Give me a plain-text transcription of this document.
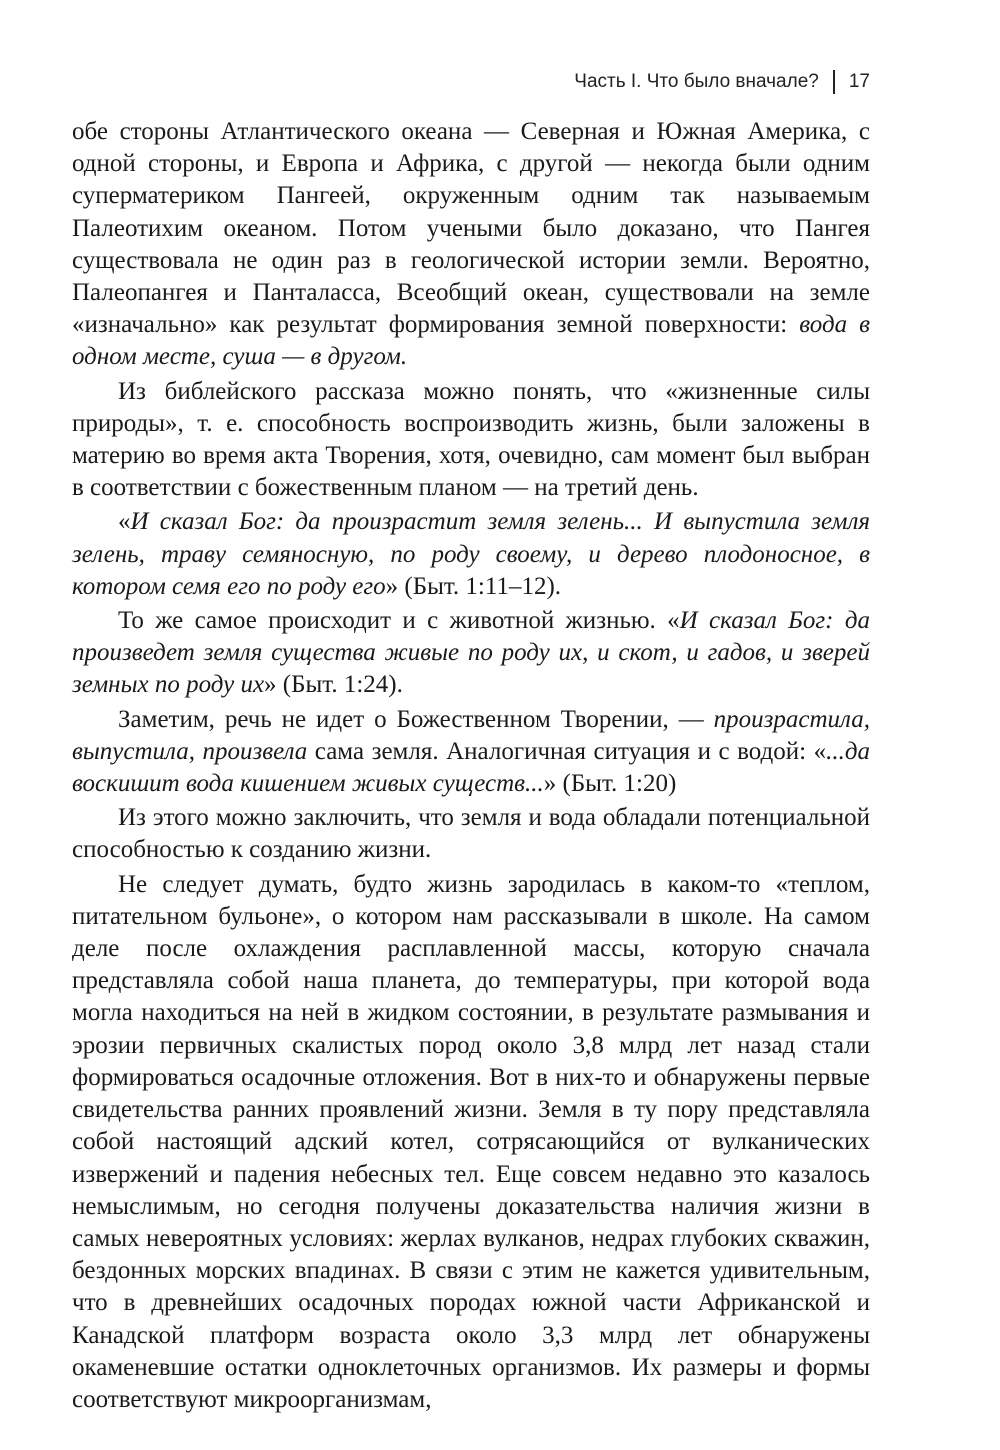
Часть I. Что было вначале? 17

обе стороны Атлантического океана — Северная и Южная Америка, с одной стороны, и Европа и Африка, с другой — некогда были одним суперматериком Пангеей, окруженным одним так называемым Палеотихим океаном. Потом учеными было доказано, что Пангея существовала не один раз в геологической истории земли. Вероятно, Палеопангея и Панталасса, Всеобщий океан, существовали на земле «изначально» как результат формирования земной поверхности: вода в одном месте, суша — в другом.

Из библейского рассказа можно понять, что «жизненные силы природы», т. е. способность воспроизводить жизнь, были заложены в материю во время акта Творения, хотя, очевидно, сам момент был выбран в соответствии с божественным планом — на третий день.

«И сказал Бог: да произрастит земля зелень... И выпустила земля зелень, траву семяносную, по роду своему, и дерево плодоносное, в котором семя его по роду его» (Быт. 1:11–12).

То же самое происходит и с животной жизнью. «И сказал Бог: да произведет земля существа живые по роду их, и скот, и гадов, и зверей земных по роду их» (Быт. 1:24).

Заметим, речь не идет о Божественном Творении, — произрастила, выпустила, произвела сама земля. Аналогичная ситуация и с водой: «...да воскишит вода кишением живых существ...» (Быт. 1:20)

Из этого можно заключить, что земля и вода обладали потенциальной способностью к созданию жизни.

Не следует думать, будто жизнь зародилась в каком-то «теплом, питательном бульоне», о котором нам рассказывали в школе. На самом деле после охлаждения расплавленной массы, которую сначала представляла собой наша планета, до температуры, при которой вода могла находиться на ней в жидком состоянии, в результате размывания и эрозии первичных скалистых пород около 3,8 млрд лет назад стали формироваться осадочные отложения. Вот в них-то и обнаружены первые свидетельства ранних проявлений жизни. Земля в ту пору представляла собой настоящий адский котел, сотрясающийся от вулканических извержений и падения небесных тел. Еще совсем недавно это казалось немыслимым, но сегодня получены доказательства наличия жизни в самых невероятных условиях: жерлах вулканов, недрах глубоких скважин, бездонных морских впадинах. В связи с этим не кажется удивительным, что в древнейших осадочных породах южной части Африканской и Канадской платформ возраста около 3,3 млрд лет обнаружены окаменевшие остатки одноклеточных организмов. Их размеры и формы соответствуют микроорганизмам,
